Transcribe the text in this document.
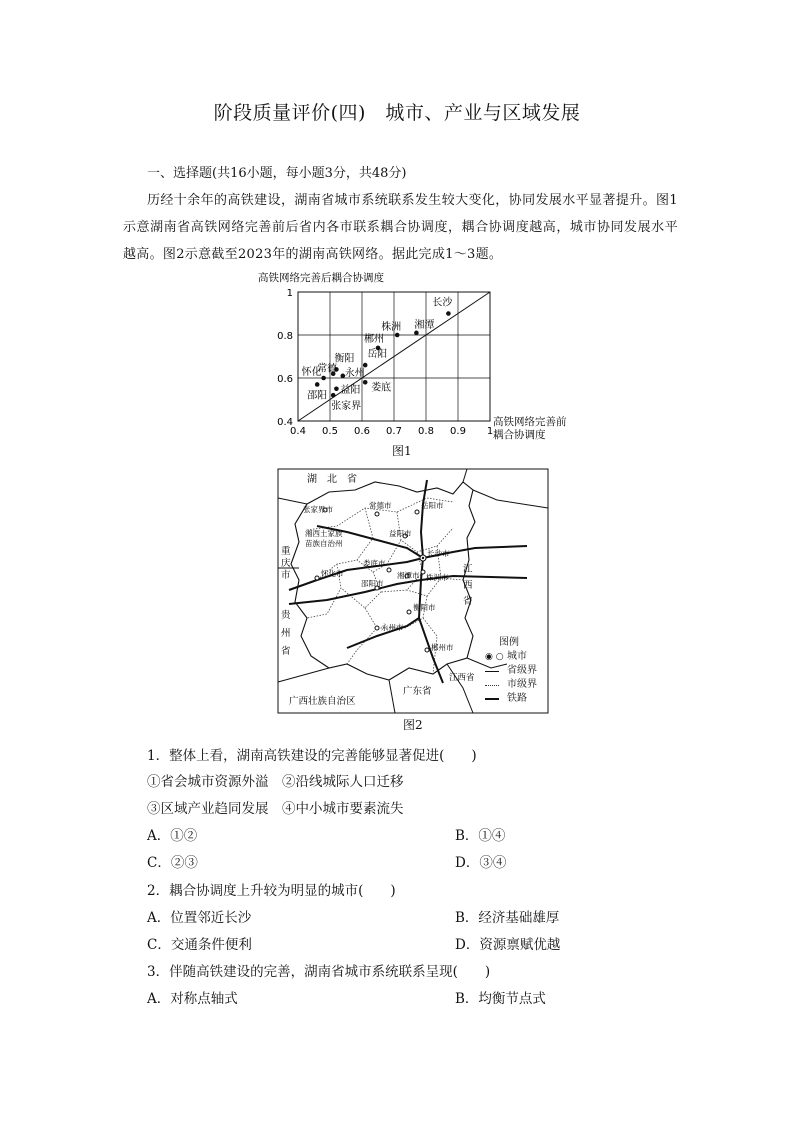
阶段质量评价(四)　城市、产业与区域发展
一、选择题(共16小题，每小题3分，共48分)
历经十余年的高铁建设，湖南省城市系统联系发生较大变化，协同发展水平显著提升。图1示意湖南省高铁网络完善前后省内各市联系耦合协调度，耦合协调度越高，城市协同发展水平越高。图2示意截至2023年的湖南高铁网络。据此完成1～3题。
高铁网络完善后耦合协调度
0.4 0.5 0.6 0.7 0.8 0.9 1
0.4
0.6
0.8
1
长沙
湘潭
株洲
郴州
岳阳
衡阳
常德 永州
怀化
邵阳
益阳 娄底
张家界
高铁网络完善前
耦合协调度
图1
湖　北　省
重
庆
市
贵
州
省
江
西
省
广西壮族自治区
广东省
江西省
张家界市	常德市	岳阳市
湘西土家族
苗族自治州
益阳市
长沙市
怀化市
娄底市
湘潭市 株洲市
邵阳市
衡阳市
永州市
郴州市	图例
◉ ○ 城市
省级界
市级界
铁路
图2
1．整体上看，湖南高铁建设的完善能够显著促进(　　)
①省会城市资源外溢　②沿线城际人口迁移
③区域产业趋同发展　④中小城市要素流失
A．①②	B．①④
C．②③	D．③④
2．耦合协调度上升较为明显的城市(　　)
A．位置邻近长沙	B．经济基础雄厚
C．交通条件便利	D．资源禀赋优越
3．伴随高铁建设的完善，湖南省城市系统联系呈现(　　)
A．对称点轴式	B．均衡节点式
